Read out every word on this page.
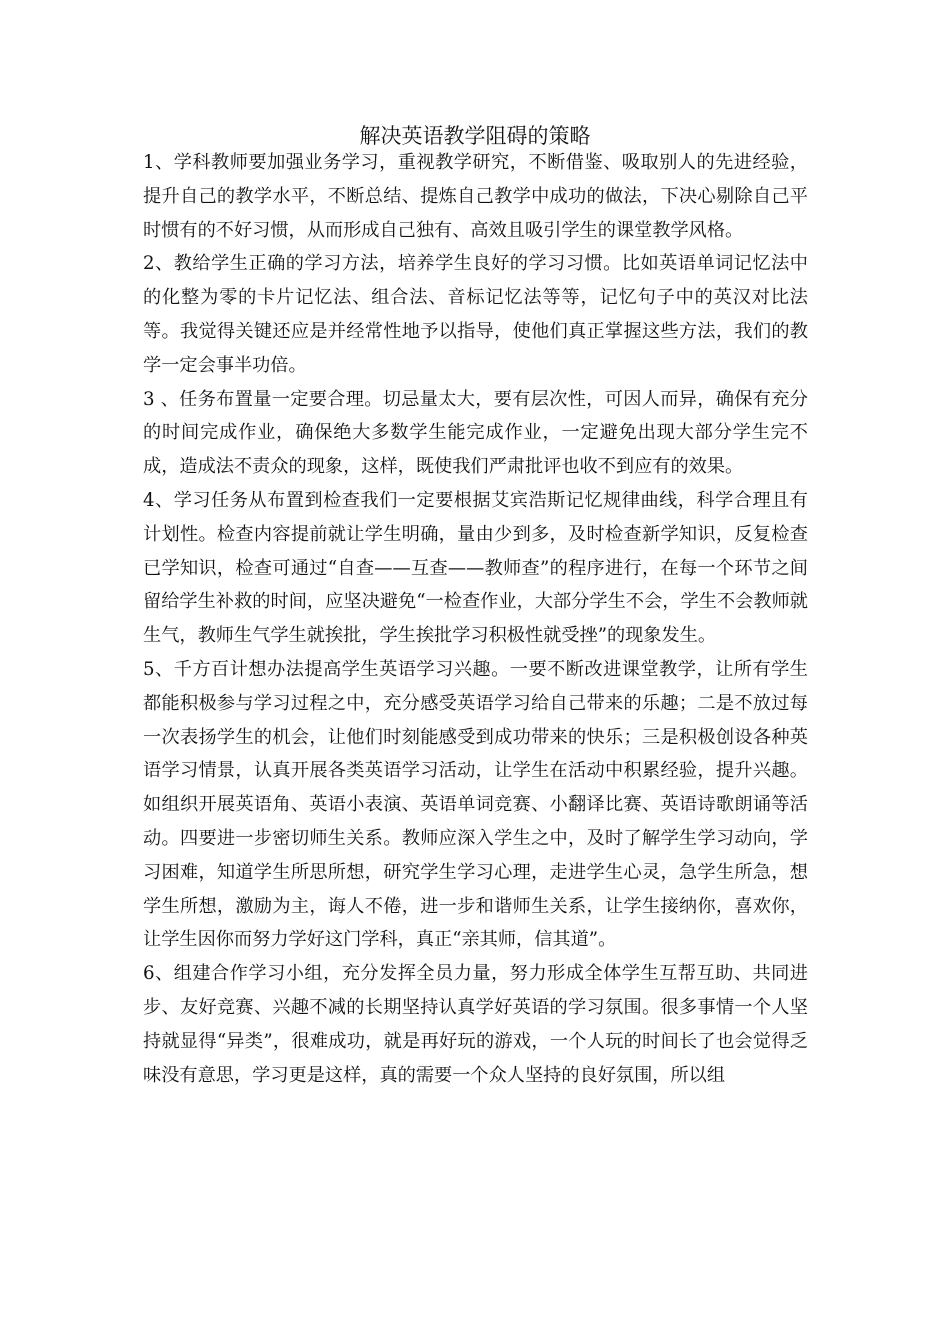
解决英语教学阻碍的策略

1、学科教师要加强业务学习，重视教学研究，不断借鉴、吸取别人的先进经验，提升自己的教学水平，不断总结、提炼自己教学中成功的做法，下决心剔除自己平时惯有的不好习惯，从而形成自己独有、高效且吸引学生的课堂教学风格。

2、教给学生正确的学习方法，培养学生良好的学习习惯。比如英语单词记忆法中的化整为零的卡片记忆法、组合法、音标记忆法等等，记忆句子中的英汉对比法等。我觉得关键还应是并经常性地予以指导，使他们真正掌握这些方法，我们的教学一定会事半功倍。

3 、任务布置量一定要合理。切忌量太大，要有层次性，可因人而异，确保有充分的时间完成作业，确保绝大多数学生能完成作业，一定避免出现大部分学生完不成，造成法不责众的现象，这样，既使我们严肃批评也收不到应有的效果。

4、学习任务从布置到检查我们一定要根据艾宾浩斯记忆规律曲线，科学合理且有计划性。检查内容提前就让学生明确，量由少到多，及时检查新学知识，反复检查已学知识，检查可通过“自查——互查——教师查”的程序进行，在每一个环节之间留给学生补救的时间，应坚决避免“一检查作业，大部分学生不会，学生不会教师就生气，教师生气学生就挨批，学生挨批学习积极性就受挫”的现象发生。

5、千方百计想办法提高学生英语学习兴趣。一要不断改进课堂教学，让所有学生都能积极参与学习过程之中，充分感受英语学习给自己带来的乐趣；二是不放过每一次表扬学生的机会，让他们时刻能感受到成功带来的快乐；三是积极创设各种英语学习情景，认真开展各类英语学习活动，让学生在活动中积累经验，提升兴趣。如组织开展英语角、英语小表演、英语单词竞赛、小翻译比赛、英语诗歌朗诵等活动。四要进一步密切师生关系。教师应深入学生之中，及时了解学生学习动向，学习困难，知道学生所思所想，研究学生学习心理，走进学生心灵，急学生所急，想学生所想，激励为主，诲人不倦，进一步和谐师生关系，让学生接纳你，喜欢你，让学生因你而努力学好这门学科，真正“亲其师，信其道”。

6、组建合作学习小组，充分发挥全员力量，努力形成全体学生互帮互助、共同进步、友好竞赛、兴趣不减的长期坚持认真学好英语的学习氛围。很多事情一个人坚持就显得“异类”，很难成功，就是再好玩的游戏，一个人玩的时间长了也会觉得乏味没有意思，学习更是这样，真的需要一个众人坚持的良好氛围，所以组
